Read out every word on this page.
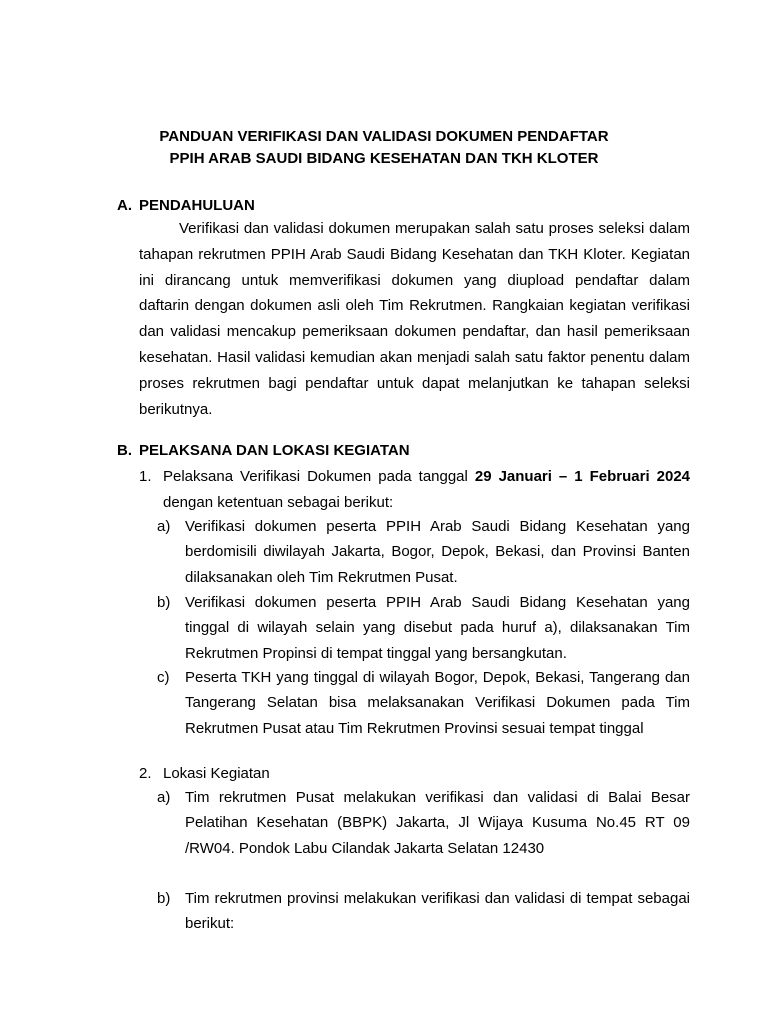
PANDUAN VERIFIKASI DAN VALIDASI DOKUMEN PENDAFTAR
PPIH ARAB SAUDI BIDANG KESEHATAN DAN TKH KLOTER
A. PENDAHULUAN
Verifikasi dan validasi dokumen merupakan salah satu proses seleksi dalam tahapan rekrutmen PPIH Arab Saudi Bidang Kesehatan dan TKH Kloter. Kegiatan ini dirancang untuk memverifikasi dokumen yang diupload pendaftar dalam daftarin dengan dokumen asli oleh Tim Rekrutmen. Rangkaian kegiatan verifikasi dan validasi mencakup pemeriksaan dokumen pendaftar, dan hasil pemeriksaan kesehatan. Hasil validasi kemudian akan menjadi salah satu faktor penentu dalam proses rekrutmen bagi pendaftar untuk dapat melanjutkan ke tahapan seleksi berikutnya.
B. PELAKSANA DAN LOKASI KEGIATAN
1. Pelaksana Verifikasi Dokumen pada tanggal 29 Januari – 1 Februari 2024 dengan ketentuan sebagai berikut:
a) Verifikasi dokumen peserta PPIH Arab Saudi Bidang Kesehatan yang berdomisili diwilayah Jakarta, Bogor, Depok, Bekasi, dan Provinsi Banten dilaksanakan oleh Tim Rekrutmen Pusat.
b) Verifikasi dokumen peserta PPIH Arab Saudi Bidang Kesehatan yang tinggal di wilayah selain yang disebut pada huruf a), dilaksanakan Tim Rekrutmen Propinsi di tempat tinggal yang bersangkutan.
c) Peserta TKH yang tinggal di wilayah Bogor, Depok, Bekasi, Tangerang dan Tangerang Selatan bisa melaksanakan Verifikasi Dokumen pada Tim Rekrutmen Pusat atau Tim Rekrutmen Provinsi sesuai tempat tinggal
2. Lokasi Kegiatan
a) Tim rekrutmen Pusat melakukan verifikasi dan validasi di Balai Besar Pelatihan Kesehatan (BBPK) Jakarta, Jl Wijaya Kusuma No.45 RT 09 /RW04. Pondok Labu Cilandak Jakarta Selatan 12430
b) Tim rekrutmen provinsi melakukan verifikasi dan validasi di tempat sebagai berikut:
